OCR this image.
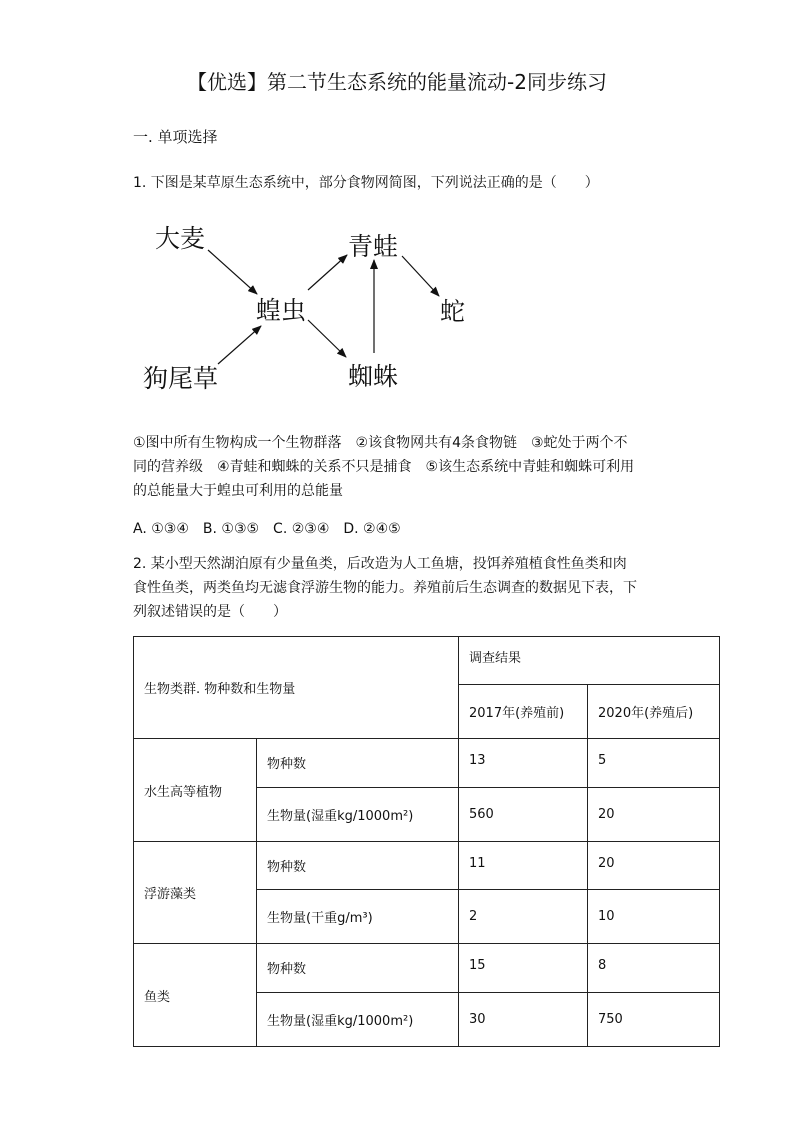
【优选】第二节生态系统的能量流动-2同步练习
一. 单项选择
1. 下图是某草原生态系统中，部分食物网简图，下列说法正确的是（　　）
大麦
狗尾草
蝗虫
青蛙
蜘蛛
蛇
①图中所有生物构成一个生物群落　②该食物网共有4条食物链　③蛇处于两个不
同的营养级　④青蛙和蜘蛛的关系不只是捕食　⑤该生态系统中青蛙和蜘蛛可利用
的总能量大于蝗虫可利用的总能量
A. ①③④　B. ①③⑤　C. ②③④　D. ②④⑤
2. 某小型天然湖泊原有少量鱼类，后改造为人工鱼塘，投饵养殖植食性鱼类和肉
食性鱼类，两类鱼均无滤食浮游生物的能力。养殖前后生态调查的数据见下表，下
列叙述错误的是（　　）
生物类群. 物种数和生物量		调查结果	
		2017年(养殖前)	2020年(养殖后)
水生高等植物	物种数	13	5
	生物量(湿重kg/1000m²)	560	20
浮游藻类	物种数	11	20
	生物量(干重g/m³)	2	10
鱼类	物种数	15	8
	生物量(湿重kg/1000m²)	30	750
